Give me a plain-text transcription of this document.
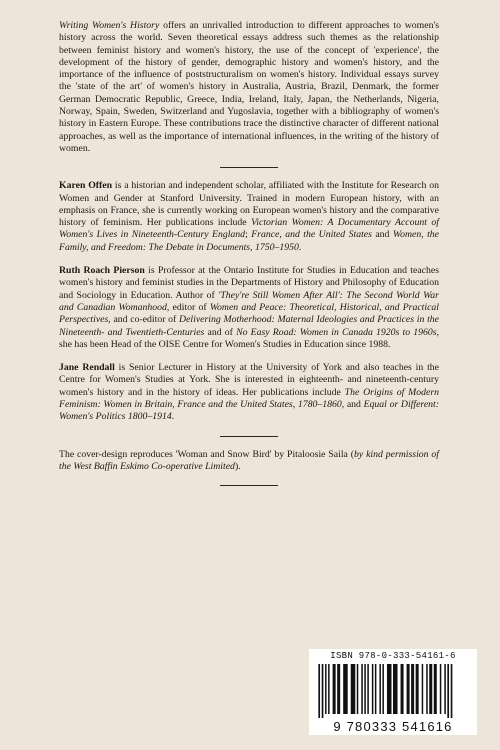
Writing Women's History offers an unrivalled introduction to different approaches to women's history across the world. Seven theoretical essays address such themes as the relationship between feminist history and women's history, the use of the concept of 'experience', the development of the history of gender, demographic history and women's history, and the importance of the influence of poststructuralism on women's history. Individual essays survey the 'state of the art' of women's history in Australia, Austria, Brazil, Denmark, the former German Democratic Republic, Greece, India, Ireland, Italy, Japan, the Netherlands, Nigeria, Norway, Spain, Sweden, Switzerland and Yugoslavia, together with a bibliography of women's history in Eastern Europe. These contributions trace the distinctive character of different national approaches, as well as the importance of international influences, in the writing of the history of women.

Karen Offen is a historian and independent scholar, affiliated with the Institute for Research on Women and Gender at Stanford University. Trained in modern European history, with an emphasis on France, she is currently working on European women's history and the comparative history of feminism. Her publications include Victorian Women: A Documentary Account of Women's Lives in Nineteenth-Century England; France, and the United States and Women, the Family, and Freedom: The Debate in Documents, 1750–1950.

Ruth Roach Pierson is Professor at the Ontario Institute for Studies in Education and teaches women's history and feminist studies in the Departments of History and Philosophy of Education and Sociology in Education. Author of 'They're Still Women After All': The Second World War and Canadian Womanhood, editor of Women and Peace: Theoretical, Historical, and Practical Perspectives, and co-editor of Delivering Motherhood: Maternal Ideologies and Practices in the Nineteenth- and Twentieth-Centuries and of No Easy Road: Women in Canada 1920s to 1960s, she has been Head of the OISE Centre for Women's Studies in Education since 1988.

Jane Rendall is Senior Lecturer in History at the University of York and also teaches in the Centre for Women's Studies at York. She is interested in eighteenth- and nineteenth-century women's history and in the history of ideas. Her publications include The Origins of Modern Feminism: Women in Britain, France and the United States, 1780–1860, and Equal or Different: Women's Politics 1800–1914.

The cover-design reproduces 'Woman and Snow Bird' by Pitaloosie Saila (by kind permission of the West Baffin Eskimo Co-operative Limited).

ISBN 978-0-333-54161-6
9 780333 541616
